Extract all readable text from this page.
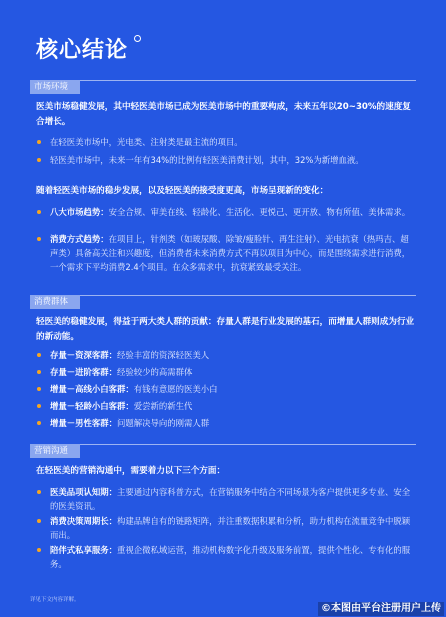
核心结论
市场环境
医美市场稳健发展，其中轻医美市场已成为医美市场中的重要构成，未来五年以20~30%的速度复合增长。
在轻医美市场中，光电类、注射类是最主流的项目。
轻医美市场中，未来一年有34%的比例有轻医美消费计划，其中，32%为新增血液。
随着轻医美市场的稳步发展，以及轻医美的接受度更高，市场呈现新的变化：
八大市场趋势：安全合规、审美在线、轻龄化、生活化、更悦己、更开放、物有所值、美体需求。
消费方式趋势：在项目上，针剂类（如玻尿酸、除皱/瘦脸针、再生注射）、光电抗衰（热玛吉、超声类）具备高关注和兴趣度，但消费者未来消费方式不再以项目为中心，而是围绕需求进行消费，一个需求下平均消费2.4个项目。在众多需求中，抗衰紧致最受关注。
消费群体
轻医美的稳健发展，得益于两大类人群的贡献：存量人群是行业发展的基石，而增量人群则成为行业的新动能。
存量－资深客群：经验丰富的资深轻医美人
存量－进阶客群：经验较少的高需群体
增量－高线小白客群：有钱有意愿的医美小白
增量－轻龄小白客群：爱尝新的新生代
增量－男性客群：问题解决导向的刚需人群
营销沟通
在轻医美的营销沟通中，需要着力以下三个方面：
医美品项认知期：主要通过内容科普方式，在营销服务中结合不同场景为客户提供更多专业、安全的医美资讯。
消费决策周期长：构建品牌自有的链路矩阵，并注重数据积累和分析，助力机构在流量竞争中脱颖而出。
陪伴式私享服务：重视企微私域运营，推动机构数字化升级及服务前置，提供个性化、专有化的服务。
详见下文内容详解。
©本图由平台注册用户上传
